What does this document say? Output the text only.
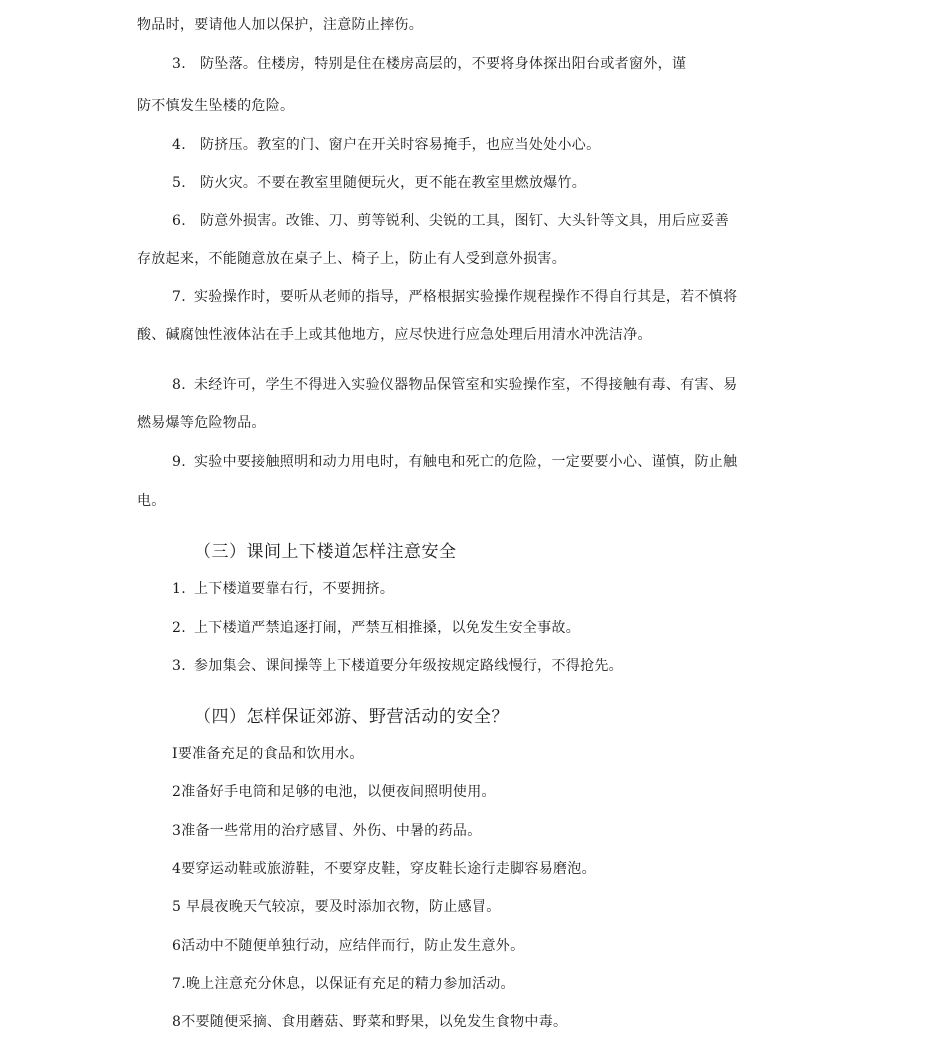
物品时，要请他人加以保护，注意防止摔伤。
3. 防坠落。住楼房，特别是住在楼房高层的，不要将身体探出阳台或者窗外，谨
防不慎发生坠楼的危险。
4. 防挤压。教室的门、窗户在开关时容易掩手，也应当处处小心。
5. 防火灾。不要在教室里随便玩火，更不能在教室里燃放爆竹。
6. 防意外损害。改锥、刀、剪等锐利、尖锐的工具，图钉、大头针等文具，用后应妥善
存放起来，不能随意放在桌子上、椅子上，防止有人受到意外损害。
7. 实验操作时，要听从老师的指导，严格根据实验操作规程操作不得自行其是，若不慎将
酸、碱腐蚀性液体沾在手上或其他地方，应尽快进行应急处理后用清水冲洗洁净。
8. 未经许可，学生不得进入实验仪器物品保管室和实验操作室，不得接触有毒、有害、易
燃易爆等危险物品。
9. 实验中要接触照明和动力用电时，有触电和死亡的危险，一定要要小心、谨慎，防止触
电。
（三）课间上下楼道怎样注意安全
1. 上下楼道要靠右行，不要拥挤。
2. 上下楼道严禁追逐打闹，严禁互相推搡，以免发生安全事故。
3. 参加集会、课间操等上下楼道要分年级按规定路线慢行，不得抢先。
（四）怎样保证郊游、野营活动的安全？
I要准备充足的食品和饮用水。
2准备好手电筒和足够的电池，以便夜间照明使用。
3准备一些常用的治疗感冒、外伤、中暑的药品。
4要穿运动鞋或旅游鞋，不要穿皮鞋，穿皮鞋长途行走脚容易磨泡。
5 早晨夜晚天气较凉，要及时添加衣物，防止感冒。
6活动中不随便单独行动，应结伴而行，防止发生意外。
7.晚上注意充分休息，以保证有充足的精力参加活动。
8不要随便采摘、食用蘑菇、野菜和野果，以免发生食物中毒。
